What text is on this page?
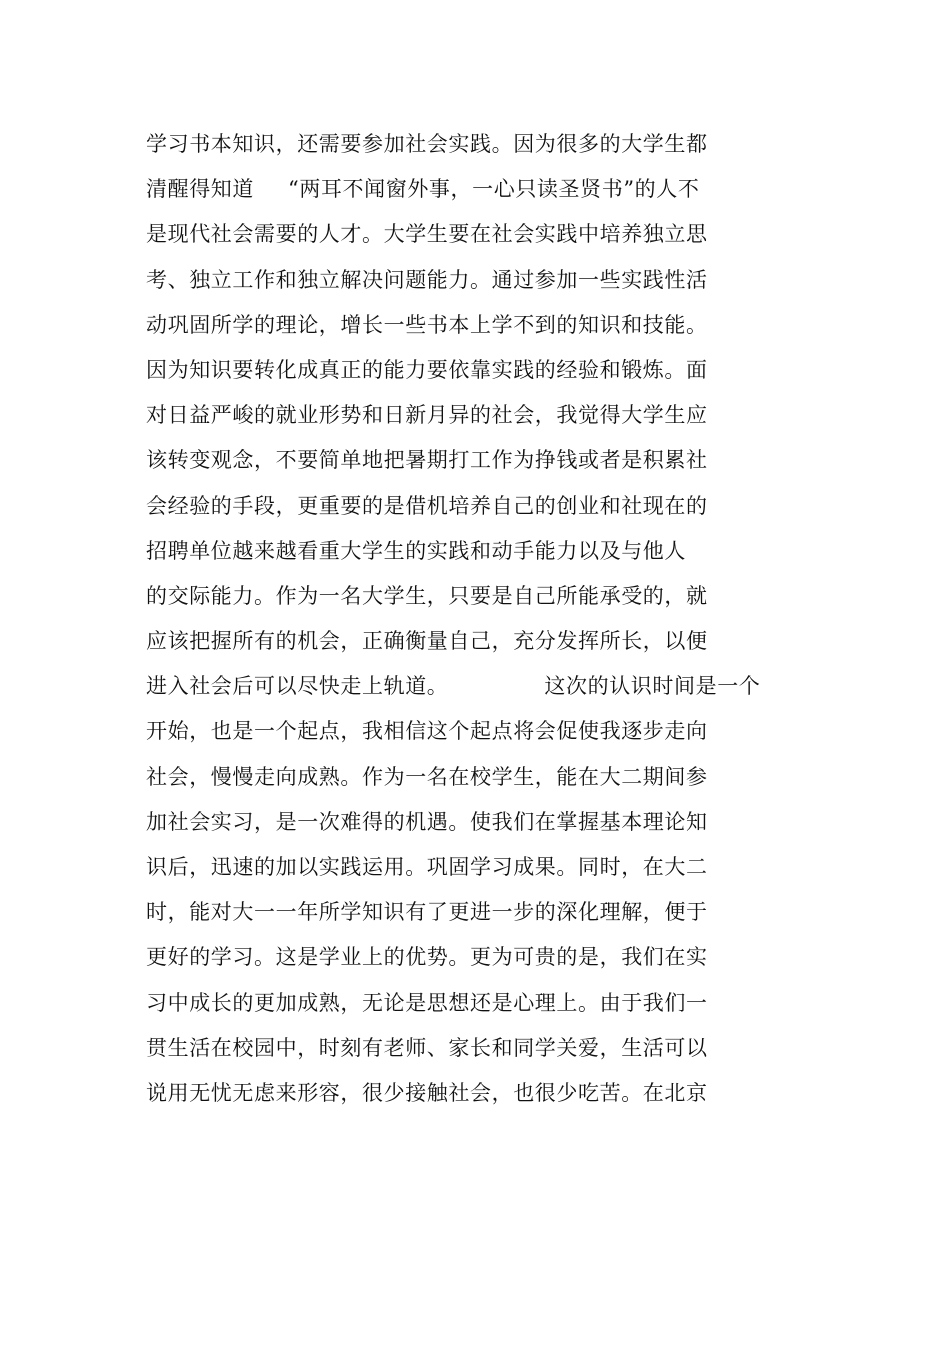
学习书本知识，还需要参加社会实践。因为很多的大学生都
清醒得知道 “两耳不闻窗外事，一心只读圣贤书”的人不
是现代社会需要的人才。大学生要在社会实践中培养独立思
考、独立工作和独立解决问题能力。通过参加一些实践性活
动巩固所学的理论，增长一些书本上学不到的知识和技能。
因为知识要转化成真正的能力要依靠实践的经验和锻炼。面
对日益严峻的就业形势和日新月异的社会，我觉得大学生应
该转变观念，不要简单地把暑期打工作为挣钱或者是积累社
会经验的手段，更重要的是借机培养自己的创业和社现在的
招聘单位越来越看重大学生的实践和动手能力以及与他人
的交际能力。作为一名大学生，只要是自己所能承受的，就
应该把握所有的机会，正确衡量自己，充分发挥所长，以便
进入社会后可以尽快走上轨道。	这次的认识时间是一个
开始，也是一个起点，我相信这个起点将会促使我逐步走向
社会，慢慢走向成熟。作为一名在校学生，能在大二期间参
加社会实习，是一次难得的机遇。使我们在掌握基本理论知
识后，迅速的加以实践运用。巩固学习成果。同时，在大二
时，能对大一一年所学知识有了更进一步的深化理解，便于
更好的学习。这是学业上的优势。更为可贵的是，我们在实
习中成长的更加成熟，无论是思想还是心理上。由于我们一
贯生活在校园中，时刻有老师、家长和同学关爱，生活可以
说用无忧无虑来形容，很少接触社会，也很少吃苦。在北京
